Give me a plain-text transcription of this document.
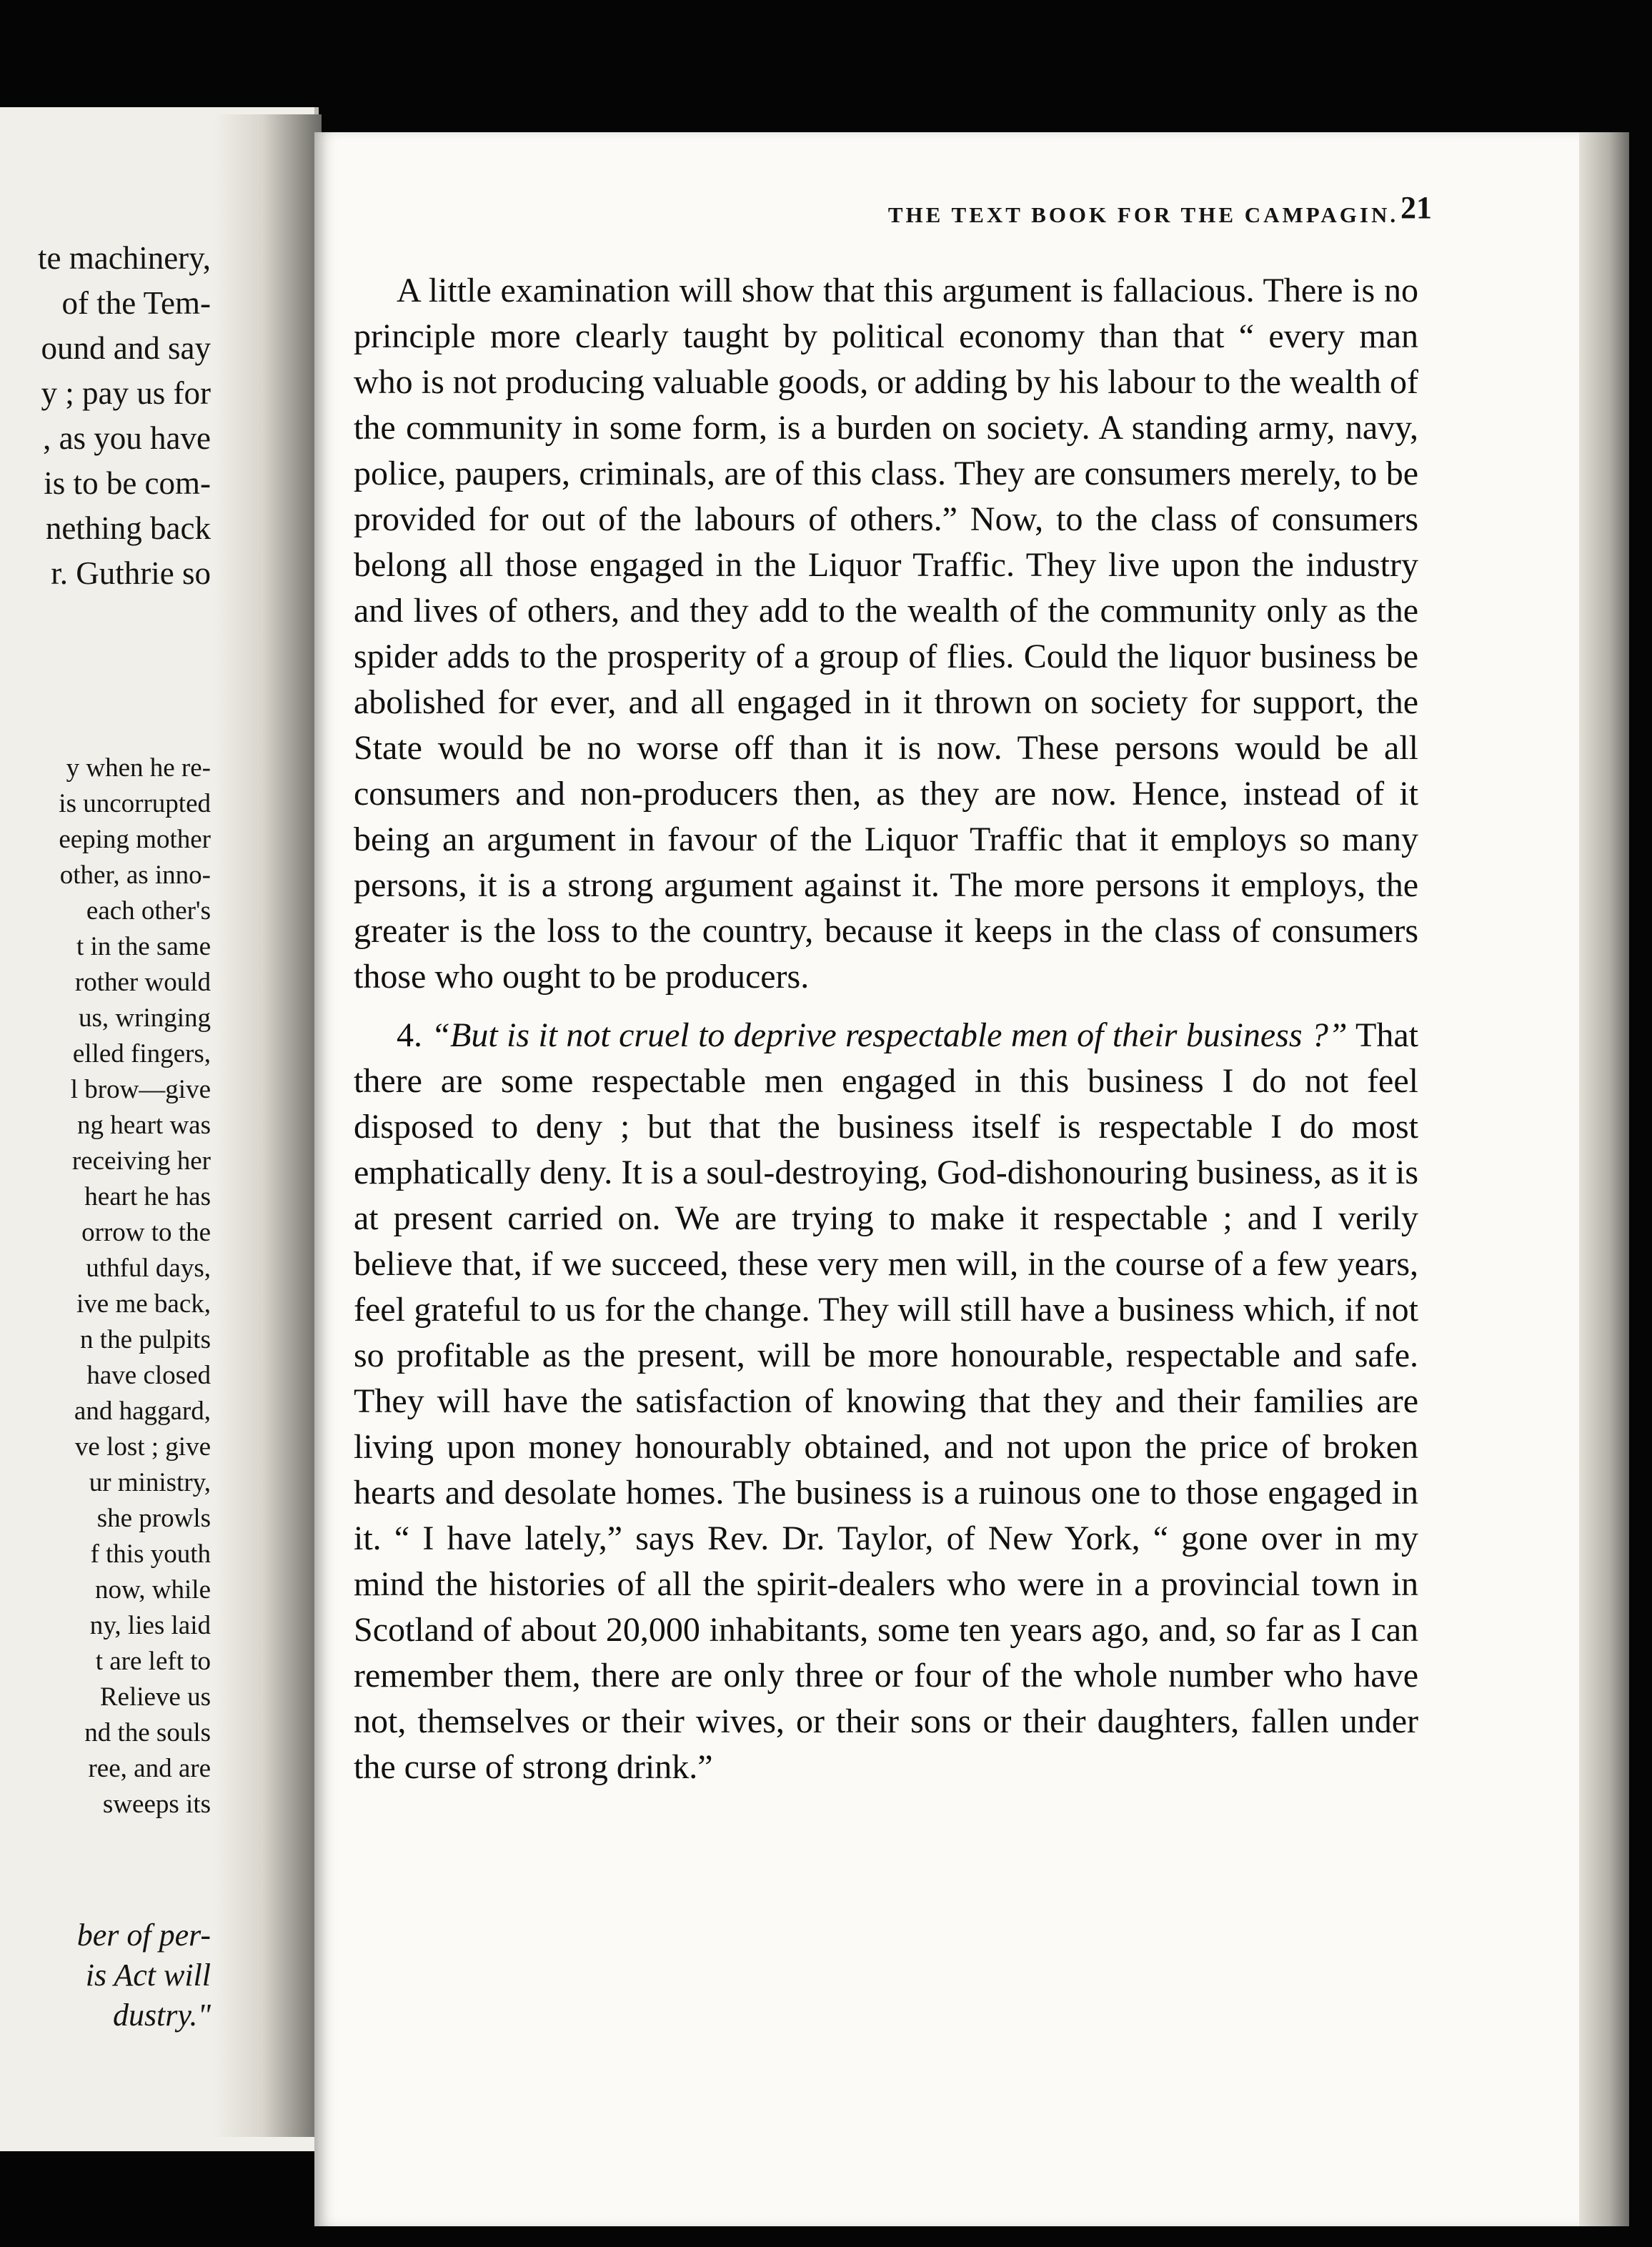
te machinery,
of the Tem-
ound and say
y ; pay us for
, as you have
is to be com-
nething back
r. Guthrie so
y when he re-
is uncorrupted
eeping mother
other, as inno-
each other's
t in the same
rother would
us, wringing
elled fingers,
l brow—give
ng heart was
receiving her
heart he has
orrow to the
uthful days,
ive me back,
n the pulpits
have closed
and haggard,
ve lost ; give
ur ministry,
she prowls
f this youth
now, while
ny, lies laid
t are left to
Relieve us
nd the souls
ree, and are
sweeps its
ber of per-
is Act will
dustry."
THE TEXT BOOK FOR THE CAMPAGIN. 21

A little examination will show that this argument is fallacious. There is no principle more clearly taught by political economy than that “ every man who is not producing valuable goods, or adding by his labour to the wealth of the community in some form, is a burden on society. A standing army, navy, police, paupers, criminals, are of this class. They are consumers merely, to be provided for out of the labours of others.” Now, to the class of consumers belong all those engaged in the Liquor Traffic. They live upon the industry and lives of others, and they add to the wealth of the community only as the spider adds to the prosperity of a group of flies. Could the liquor business be abolished for ever, and all engaged in it thrown on society for support, the State would be no worse off than it is now. These persons would be all consumers and non-producers then, as they are now. Hence, instead of it being an argument in favour of the Liquor Traffic that it employs so many persons, it is a strong argument against it. The more persons it employs, the greater is the loss to the country, because it keeps in the class of consumers those who ought to be producers.

4. “But is it not cruel to deprive respectable men of their business ?” That there are some respectable men engaged in this business I do not feel disposed to deny ; but that the business itself is respectable I do most emphatically deny. It is a soul-destroying, God-dishonouring business, as it is at present carried on. We are trying to make it respectable ; and I verily believe that, if we succeed, these very men will, in the course of a few years, feel grateful to us for the change. They will still have a business which, if not so profitable as the present, will be more honourable, respectable and safe. They will have the satisfaction of knowing that they and their families are living upon money honourably obtained, and not upon the price of broken hearts and desolate homes. The business is a ruinous one to those engaged in it. “ I have lately,” says Rev. Dr. Taylor, of New York, “ gone over in my mind the histories of all the spirit-dealers who were in a provincial town in Scotland of about 20,000 inhabitants, some ten years ago, and, so far as I can remember them, there are only three or four of the whole number who have not, themselves or their wives, or their sons or their daughters, fallen under the curse of strong drink.”
